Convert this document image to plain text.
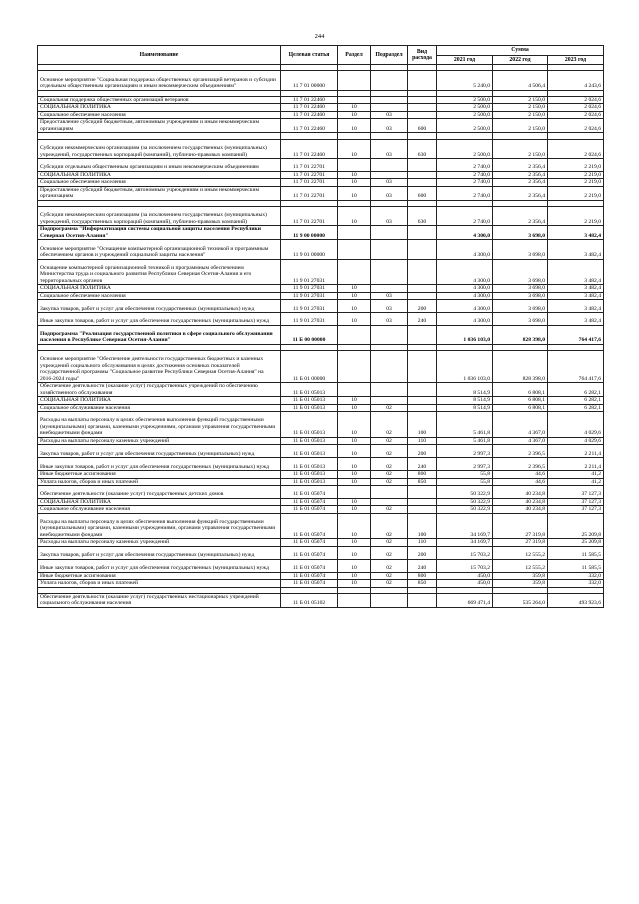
244
Наименование	Целевая статья	Раздел	Подраздел	Вид расхода	Сумма		
					2021 год	2022 год	2023 год

Основное мероприятие "Социальная поддержка общественных организаций ветеранов и субсидии отдельным общественным организациям и иным некоммерческим объединениям"	11 7 01 00000				5 240,0	4 506,4	4 243,6

Социальная поддержка общественных организаций ветеранов	11 7 01 22460				2 500,0	2 150,0	2 024,6
СОЦИАЛЬНАЯ ПОЛИТИКА	11 7 01 22460	10			2 500,0	2 150,0	2 024,6
Социальное обеспечение населения	11 7 01 22460	10	03		2 500,0	2 150,0	2 024,6
Предоставление субсидий бюджетным, автономным учреждениям и иным некоммерческим организациям	11 7 01 22460	10	03	600	2 500,0	2 150,0	2 024,6

Субсидии некоммерческим организациям (за исключением государственных (муниципальных) учреждений, государственных корпораций (компаний), публично-правовых компаний)	11 7 01 22460	10	03	630	2 500,0	2 150,0	2 024,6
Субсидии отдельным общественным организациям и иным некоммерческим объединениям	11 7 01 22701				2 740,0	2 356,4	2 219,0
СОЦИАЛЬНАЯ ПОЛИТИКА	11 7 01 22701	10			2 740,0	2 356,4	2 219,0
Социальное обеспечение населения	11 7 01 22701	10	03		2 740,0	2 356,4	2 219,0
Предоставление субсидий бюджетным, автономным учреждениям и иным некоммерческим организациям	11 7 01 22701	10	03	600	2 740,0	2 356,4	2 219,0

Субсидии некоммерческим организациям (за исключением государственных (муниципальных) учреждений, государственных корпораций (компаний), публично-правовых компаний)	11 7 01 22701	10	03	630	2 740,0	2 356,4	2 219,0
Подпрограмма "Информатизация системы социальной защиты населения Республики Северная Осетия-Алания"	11 9 00 00000				4 300,0	3 698,0	3 482,4
Основное мероприятие "Оснащение компьютерной организационной техникой и программным обеспечением органов и учреждений социальной защиты населения"	11 9 01 00000				4 300,0	3 698,0	3 482,4
Оснащение компьютерной организационной техникой и программным обеспечением Министерства труда и социального развития Республики Северная Осетия-Алания и его территориальных органов	11 9 01 27031				4 300,0	3 698,0	3 482,4
СОЦИАЛЬНАЯ ПОЛИТИКА	11 9 01 27031	10			4 300,0	3 698,0	3 482,4
Социальное обеспечение населения	11 9 01 27031	10	03		4 300,0	3 698,0	3 482,4
Закупка товаров, работ и услуг для обеспечения государственных (муниципальных) нужд	11 9 01 27031	10	03	200	4 300,0	3 698,0	3 482,4
Иные закупки товаров, работ и услуг для обеспечения государственных (муниципальных) нужд	11 9 01 27031	10	03	240	4 300,0	3 698,0	3 482,4
Подпрограмма "Реализация государственной политики в сфере социального обслуживания населения в Республике Северная Осетия-Алания"	11 Б 00 00000				1 036 103,0	828 398,0	764 417,6

Основное мероприятие "Обеспечение деятельности государственных бюджетных и казенных учреждений социального обслуживания в целях достижения основных показателей государственной программы "Социальное развитие Республики Северная Осетия-Алания" на 2016-2024 годы"	11 Б 01 00000				1 036 103,0	828 398,0	764 417,6
Обеспечение деятельности (оказание услуг) государственных учреждений по обеспечению хозяйственного обслуживания	11 Б 01 05013				8 514,9	6 808,1	6 282,1
СОЦИАЛЬНАЯ ПОЛИТИКА	11 Б 01 05013	10			8 514,9	6 808,1	6 282,1
Социальное обслуживание населения	11 Б 01 05013	10	02		8 514,9	6 808,1	6 282,1
Расходы на выплаты персоналу в целях обеспечения выполнения функций государственными (муниципальными) органами, казенными учреждениями, органами управления государственными внебюджетными фондами	11 Б 01 05013	10	02	100	5 461,8	4 367,0	4 029,6
Расходы на выплаты персоналу казенных учреждений	11 Б 01 05013	10	02	110	5 461,8	4 367,0	4 029,6
Закупка товаров, работ и услуг для обеспечения государственных (муниципальных) нужд	11 Б 01 05013	10	02	200	2 997,3	2 396,5	2 211,4
Иные закупки товаров, работ и услуг для обеспечения государственных (муниципальных) нужд	11 Б 01 05013	10	02	240	2 997,3	2 396,5	2 211,4
Иные бюджетные ассигнования	11 Б 01 05013	10	02	800	55,8	44,6	41,2
Уплата налогов, сборов и иных платежей	11 Б 01 05013	10	02	850	55,8	44,6	41,2
Обеспечение деятельности (оказание услуг) государственных детских домов	11 Б 01 05074				50 322,9	40 234,8	37 127,3
СОЦИАЛЬНАЯ ПОЛИТИКА	11 Б 01 05074	10			50 322,9	40 234,8	37 127,3
Социальное обслуживание населения	11 Б 01 05074	10	02		50 322,9	40 234,8	37 127,3
Расходы на выплаты персоналу в целях обеспечения выполнения функций государственными (муниципальными) органами, казенными учреждениями, органами управления государственными внебюджетными фондами	11 Б 01 05074	10	02	100	34 169,7	27 319,8	25 209,8
Расходы на выплаты персоналу казенных учреждений	11 Б 01 05074	10	02	110	34 169,7	27 319,8	25 209,8
Закупка товаров, работ и услуг для обеспечения государственных (муниципальных) нужд	11 Б 01 05074	10	02	200	15 703,2	12 555,2	11 585,5
Иные закупки товаров, работ и услуг для обеспечения государственных (муниципальных) нужд	11 Б 01 05074	10	02	240	15 703,2	12 555,2	11 585,5
Иные бюджетные ассигнования	11 Б 01 05074	10	02	800	450,0	359,8	332,0
Уплата налогов, сборов и иных платежей	11 Б 01 05074	10	02	850	450,0	359,8	332,0

Обеспечение деятельности (оказание услуг) государственных нестационарных учреждений социального обслуживания населения	11 Б 01 05102				669 471,4	535 264,0	493 923,6
